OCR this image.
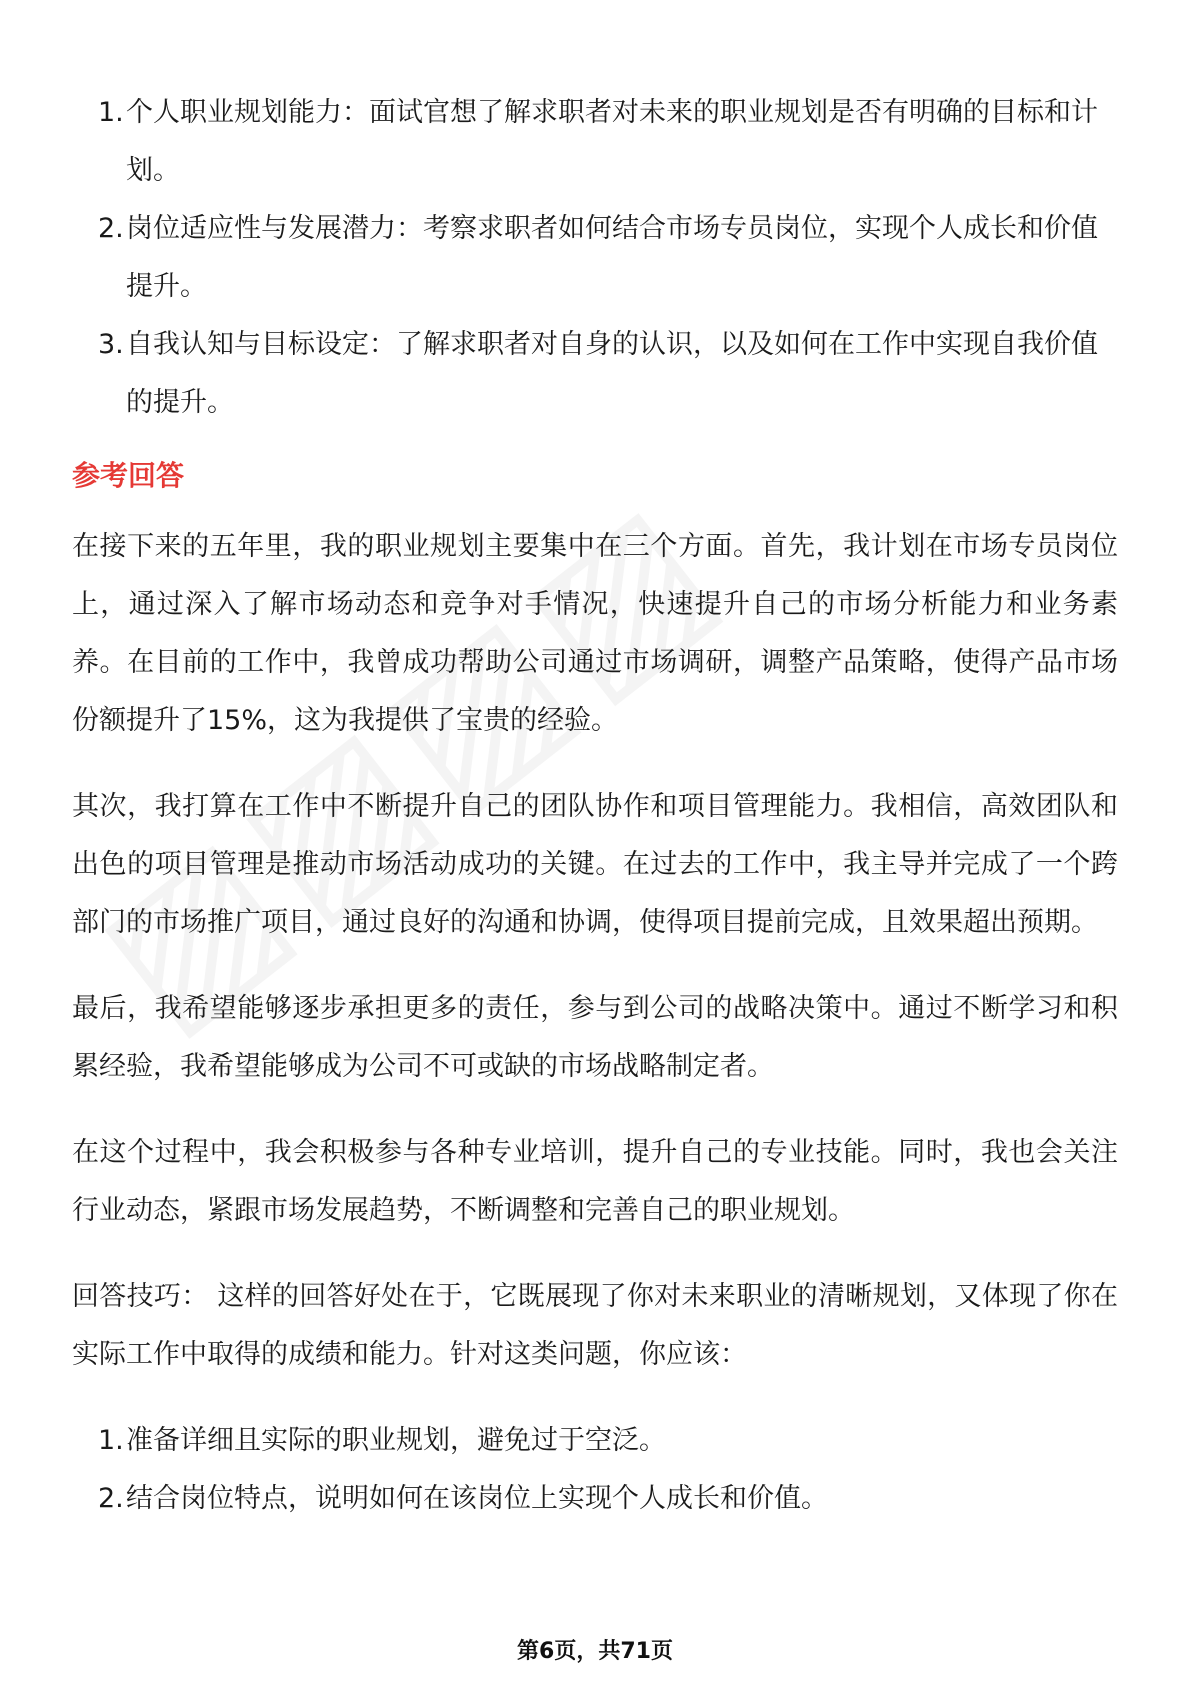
1. 个人职业规划能力：面试官想了解求职者对未来的职业规划是否有明确的目标和计划。
2. 岗位适应性与发展潜力：考察求职者如何结合市场专员岗位，实现个人成长和价值提升。
3. 自我认知与目标设定：了解求职者对自身的认识，以及如何在工作中实现自我价值的提升。
参考回答

在接下来的五年里，我的职业规划主要集中在三个方面。首先，我计划在市场专员岗位上，通过深入了解市场动态和竞争对手情况，快速提升自己的市场分析能力和业务素养。在目前的工作中，我曾成功帮助公司通过市场调研，调整产品策略，使得产品市场份额提升了15%，这为我提供了宝贵的经验。

其次，我打算在工作中不断提升自己的团队协作和项目管理能力。我相信，高效团队和出色的项目管理是推动市场活动成功的关键。在过去的工作中，我主导并完成了一个跨部门的市场推广项目，通过良好的沟通和协调，使得项目提前完成，且效果超出预期。

最后，我希望能够逐步承担更多的责任，参与到公司的战略决策中。通过不断学习和积累经验，我希望能够成为公司不可或缺的市场战略制定者。

在这个过程中，我会积极参与各种专业培训，提升自己的专业技能。同时，我也会关注行业动态，紧跟市场发展趋势，不断调整和完善自己的职业规划。

回答技巧： 这样的回答好处在于，它既展现了你对未来职业的清晰规划，又体现了你在实际工作中取得的成绩和能力。针对这类问题，你应该：

1. 准备详细且实际的职业规划，避免过于空泛。
2. 结合岗位特点，说明如何在该岗位上实现个人成长和价值。
第6页，共71页
